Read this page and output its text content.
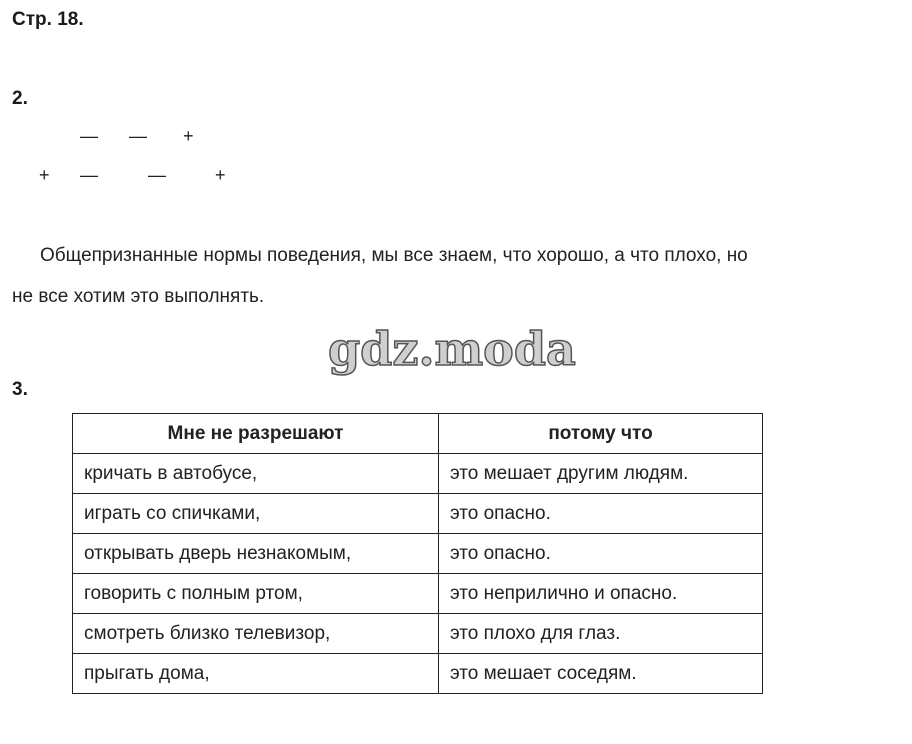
Стр. 18.
2.
— — +
+ —	—	+
Общепризнанные нормы поведения, мы все знаем, что хорошо, а что плохо, но
не все хотим это выполнять.
gdz.moda
3.
Мне не разрешают	потому что
кричать в автобусе,	это мешает другим людям.
играть со спичками,	это опасно.
открывать дверь незнакомым,	это опасно.
говорить с полным ртом,	это неприлично и опасно.
смотреть близко телевизор,	это плохо для глаз.
прыгать дома,	это мешает соседям.
